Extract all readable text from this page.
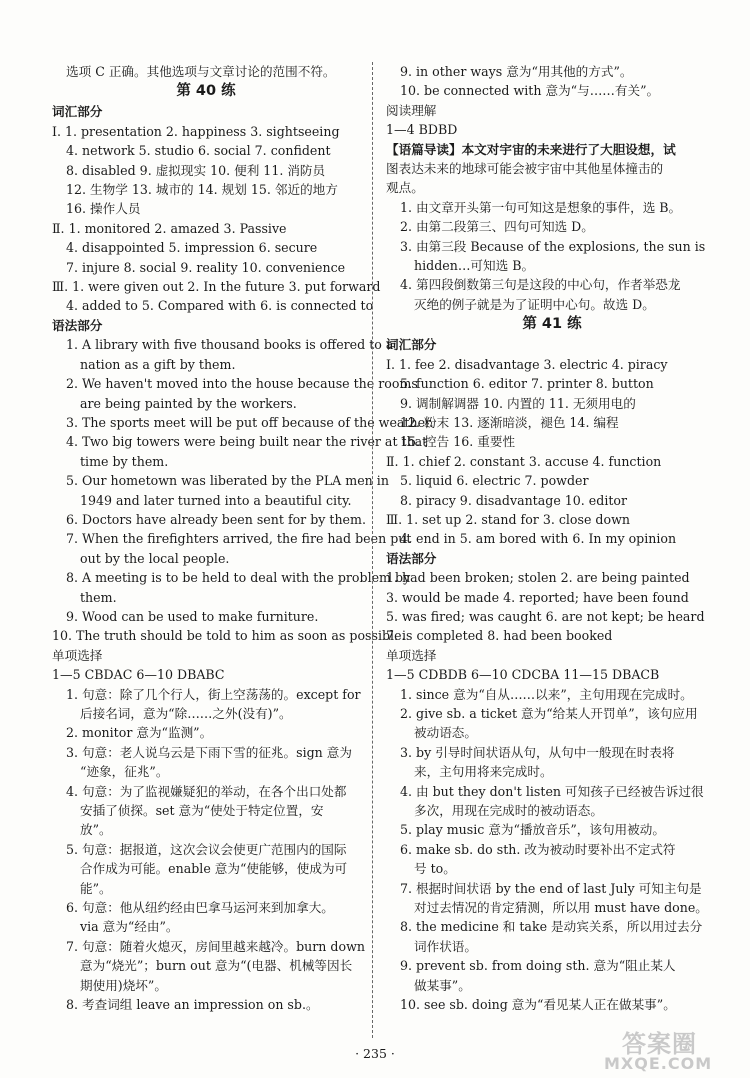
选项 C 正确。其他选项与文章讨论的范围不符。
第 40 练
词汇部分
Ⅰ. 1. presentation 2. happiness 3. sightseeing
4. network 5. studio 6. social 7. confident
8. disabled 9. 虚拟现实 10. 便利 11. 消防员
12. 生物学 13. 城市的 14. 规划 15. 邻近的地方
16. 操作人员
Ⅱ. 1. monitored 2. amazed 3. Passive
4. disappointed 5. impression 6. secure
7. injure 8. social 9. reality 10. convenience
Ⅲ. 1. were given out 2. In the future 3. put forward
4. added to 5. Compared with 6. is connected to
语法部分
1. A library with five thousand books is offered to a
nation as a gift by them.
2. We haven't moved into the house because the rooms
are being painted by the workers.
3. The sports meet will be put off because of the weather.
4. Two big towers were being built near the river at that
time by them.
5. Our hometown was liberated by the PLA men in
1949 and later turned into a beautiful city.
6. Doctors have already been sent for by them.
7. When the firefighters arrived, the fire had been put
out by the local people.
8. A meeting is to be held to deal with the problem by
them.
9. Wood can be used to make furniture.
10. The truth should be told to him as soon as possible.
单项选择
1—5 CBDAC 6—10 DBABC
1. 句意：除了几个行人，街上空荡荡的。except for
后接名词，意为“除……之外(没有)”。
2. monitor 意为“监测”。
3. 句意：老人说乌云是下雨下雪的征兆。sign 意为
“迹象，征兆”。
4. 句意：为了监视嫌疑犯的举动，在各个出口处都
安插了侦探。set 意为“使处于特定位置，安
放”。
5. 句意：据报道，这次会议会使更广范围内的国际
合作成为可能。enable 意为“使能够，使成为可
能”。
6. 句意：他从纽约经由巴拿马运河来到加拿大。
via 意为“经由”。
7. 句意：随着火熄灭，房间里越来越冷。burn down
意为“烧光”；burn out 意为“(电器、机械等因长
期使用)烧坏”。
8. 考查词组 leave an impression on sb.。
9. in other ways 意为“用其他的方式”。
10. be connected with 意为“与……有关”。
阅读理解
1—4 BDBD
【语篇导读】本文对宇宙的未来进行了大胆设想，试
图表达未来的地球可能会被宇宙中其他星体撞击的
观点。
1. 由文章开头第一句可知这是想象的事件，选 B。
2. 由第二段第三、四句可知选 D。
3. 由第三段 Because of the explosions, the sun is
hidden…可知选 B。
4. 第四段倒数第三句是这段的中心句，作者举恐龙
灭绝的例子就是为了证明中心句。故选 D。
第 41 练
词汇部分
Ⅰ. 1. fee 2. disadvantage 3. electric 4. piracy
5. function 6. editor 7. printer 8. button
9. 调制解调器 10. 内置的 11. 无须用电的
12. 粉末 13. 逐渐暗淡，褪色 14. 编程
15. 控告 16. 重要性
Ⅱ. 1. chief 2. constant 3. accuse 4. function
5. liquid 6. electric 7. powder
8. piracy 9. disadvantage 10. editor
Ⅲ. 1. set up 2. stand for 3. close down
4. end in 5. am bored with 6. In my opinion
语法部分
1. had been broken; stolen 2. are being painted
3. would be made 4. reported; have been found
5. was fired; was caught 6. are not kept; be heard
7. is completed 8. had been booked
单项选择
1—5 CDBDB 6—10 CDCBA 11—15 DBACB
1. since 意为“自从……以来”，主句用现在完成时。
2. give sb. a ticket 意为“给某人开罚单”，该句应用
被动语态。
3. by 引导时间状语从句，从句中一般现在时表将
来，主句用将来完成时。
4. 由 but they don't listen 可知孩子已经被告诉过很
多次，用现在完成时的被动语态。
5. play music 意为“播放音乐”，该句用被动。
6. make sb. do sth. 改为被动时要补出不定式符
号 to。
7. 根据时间状语 by the end of last July 可知主句是
对过去情况的肯定猜测，所以用 must have done。
8. the medicine 和 take 是动宾关系，所以用过去分
词作状语。
9. prevent sb. from doing sth. 意为“阻止某人
做某事”。
10. see sb. doing 意为“看见某人正在做某事”。
· 235 ·	答案圈
MXQE.COM
